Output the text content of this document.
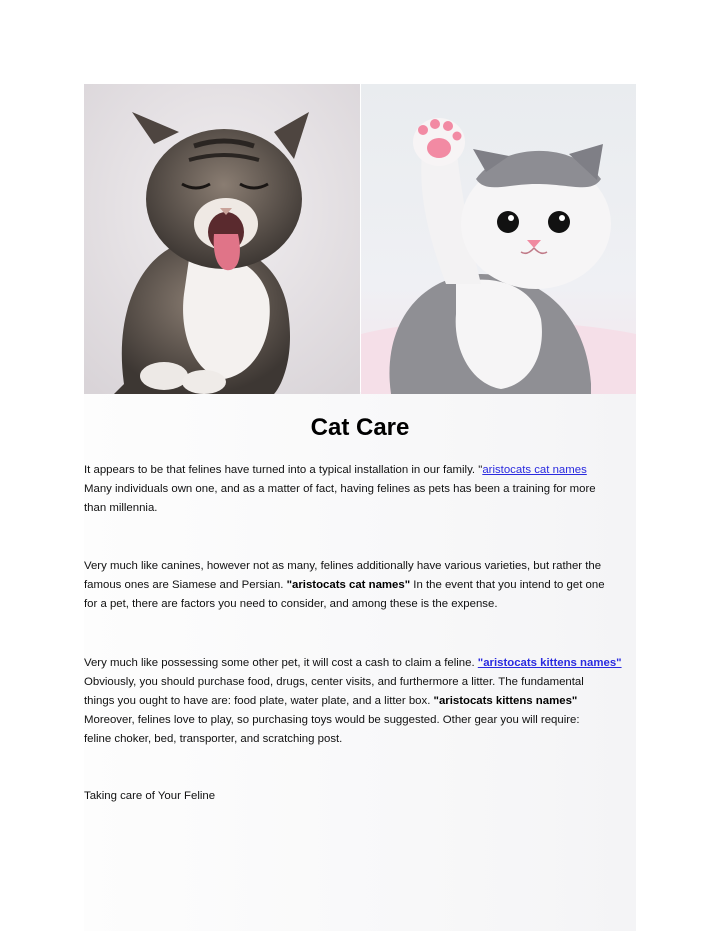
Cat Care
It appears to be that felines have turned into a typical installation in our family. "aristocats cat names
Many individuals own one, and as a matter of fact, having felines as pets has been a training for more
than millennia.
Very much like canines, however not as many, felines additionally have various varieties, but rather the
famous ones are Siamese and Persian. "aristocats cat names" In the event that you intend to get one
for a pet, there are factors you need to consider, and among these is the expense.
Very much like possessing some other pet, it will cost a cash to claim a feline. "aristocats kittens names"
Obviously, you should purchase food, drugs, center visits, and furthermore a litter. The fundamental
things you ought to have are: food plate, water plate, and a litter box. "aristocats kittens names"
Moreover, felines love to play, so purchasing toys would be suggested. Other gear you will require:
feline choker, bed, transporter, and scratching post.
Taking care of Your Feline
